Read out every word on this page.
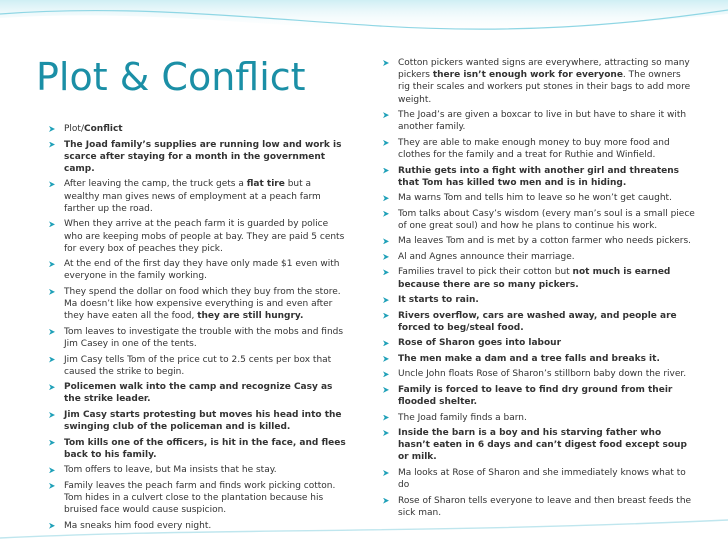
Plot & Conflict
Plot/Conflict
The Joad family’s supplies are running low and work is scarce after staying for a month in the government camp.
After leaving the camp, the truck gets a flat tire but a wealthy man gives news of employment at a peach farm farther up the road.
When they arrive at the peach farm it is guarded by police who are keeping mobs of people at bay. They are paid 5 cents for every box of peaches they pick.
At the end of the first day they have only made $1 even with everyone in the family working.
They spend the dollar on food which they buy from the store. Ma doesn’t like how expensive everything is and even after they have eaten all the food, they are still hungry.
Tom leaves to investigate the trouble with the mobs and finds Jim Casey in one of the tents.
Jim Casy tells Tom of the price cut to 2.5 cents per box that caused the strike to begin.
Policemen walk into the camp and recognize Casy as the strike leader.
Jim Casy starts protesting but moves his head into the swinging club of the policeman and is killed.
Tom kills one of the officers, is hit in the face, and flees back to his family.
Tom offers to leave, but Ma insists that he stay.
Family leaves the peach farm and finds work picking cotton. Tom hides in a culvert close to the plantation because his bruised face would cause suspicion.
Ma sneaks him food every night.
Cotton pickers wanted signs are everywhere, attracting so many pickers there isn’t enough work for everyone. The owners rig their scales and workers put stones in their bags to add more weight.
The Joad’s are given a boxcar to live in but have to share it with another family.
They are able to make enough money to buy more food and clothes for the family and a treat for Ruthie and Winfield.
Ruthie gets into a fight with another girl and threatens that Tom has killed two men and is in hiding.
Ma warns Tom and tells him to leave so he won’t get caught.
Tom talks about Casy’s wisdom (every man’s soul is a small piece of one great soul) and how he plans to continue his work.
Ma leaves Tom and is met by a cotton farmer who needs pickers.
Al and Agnes announce their marriage.
Families travel to pick their cotton but not much is earned because there are so many pickers.
It starts to rain.
Rivers overflow, cars are washed away, and people are forced to beg/steal food.
Rose of Sharon goes into labour
The men make a dam and a tree falls and breaks it.
Uncle John floats Rose of Sharon’s stillborn baby down the river.
Family is forced to leave to find dry ground from their flooded shelter.
The Joad family finds a barn.
Inside the barn is a boy and his starving father who hasn’t eaten in 6 days and can’t digest food except soup or milk.
Ma looks at Rose of Sharon and she immediately knows what to do
Rose of Sharon tells everyone to leave and then breast feeds the sick man.
